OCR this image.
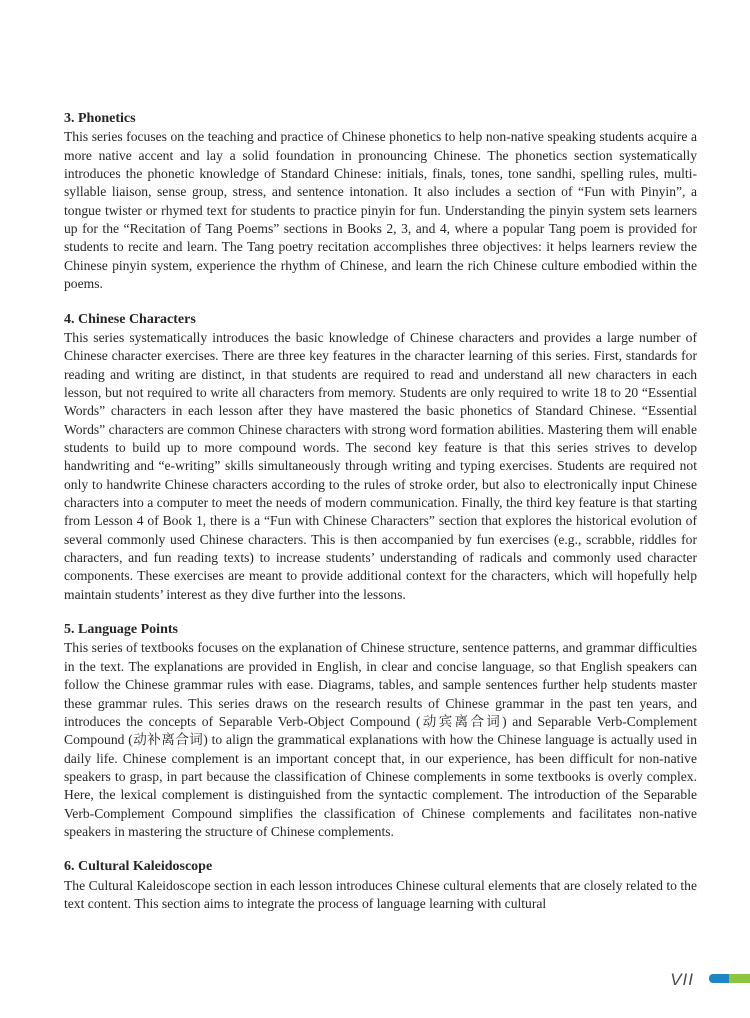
3. Phonetics

This series focuses on the teaching and practice of Chinese phonetics to help non-native speaking students acquire a more native accent and lay a solid foundation in pronouncing Chinese. The phonetics section systematically introduces the phonetic knowledge of Standard Chinese: initials, finals, tones, tone sandhi, spelling rules, multi-syllable liaison, sense group, stress, and sentence intonation. It also includes a section of “Fun with Pinyin”, a tongue twister or rhymed text for students to practice pinyin for fun. Understanding the pinyin system sets learners up for the “Recitation of Tang Poems” sections in Books 2, 3, and 4, where a popular Tang poem is provided for students to recite and learn. The Tang poetry recitation accomplishes three objectives: it helps learners review the Chinese pinyin system, experience the rhythm of Chinese, and learn the rich Chinese culture embodied within the poems.

4. Chinese Characters

This series systematically introduces the basic knowledge of Chinese characters and provides a large number of Chinese character exercises. There are three key features in the character learning of this series. First, standards for reading and writing are distinct, in that students are required to read and understand all new characters in each lesson, but not required to write all characters from memory. Students are only required to write 18 to 20 “Essential Words” characters in each lesson after they have mastered the basic phonetics of Standard Chinese. “Essential Words” characters are common Chinese characters with strong word formation abilities. Mastering them will enable students to build up to more compound words. The second key feature is that this series strives to develop handwriting and “e-writing” skills simultaneously through writing and typing exercises. Students are required not only to handwrite Chinese characters according to the rules of stroke order, but also to electronically input Chinese characters into a computer to meet the needs of modern communication. Finally, the third key feature is that starting from Lesson 4 of Book 1, there is a “Fun with Chinese Characters” section that explores the historical evolution of several commonly used Chinese characters. This is then accompanied by fun exercises (e.g., scrabble, riddles for characters, and fun reading texts) to increase students’ understanding of radicals and commonly used character components. These exercises are meant to provide additional context for the characters, which will hopefully help maintain students’ interest as they dive further into the lessons.

5. Language Points

This series of textbooks focuses on the explanation of Chinese structure, sentence patterns, and grammar difficulties in the text. The explanations are provided in English, in clear and concise language, so that English speakers can follow the Chinese grammar rules with ease. Diagrams, tables, and sample sentences further help students master these grammar rules. This series draws on the research results of Chinese grammar in the past ten years, and introduces the concepts of Separable Verb-Object Compound (动宾离合词) and Separable Verb-Complement Compound (动补离合词) to align the grammatical explanations with how the Chinese language is actually used in daily life. Chinese complement is an important concept that, in our experience, has been difficult for non-native speakers to grasp, in part because the classification of Chinese complements in some textbooks is overly complex. Here, the lexical complement is distinguished from the syntactic complement. The introduction of the Separable Verb-Complement Compound simplifies the classification of Chinese complements and facilitates non-native speakers in mastering the structure of Chinese complements.

6. Cultural Kaleidoscope

The Cultural Kaleidoscope section in each lesson introduces Chinese cultural elements that are closely related to the text content. This section aims to integrate the process of language learning with cultural

VII
